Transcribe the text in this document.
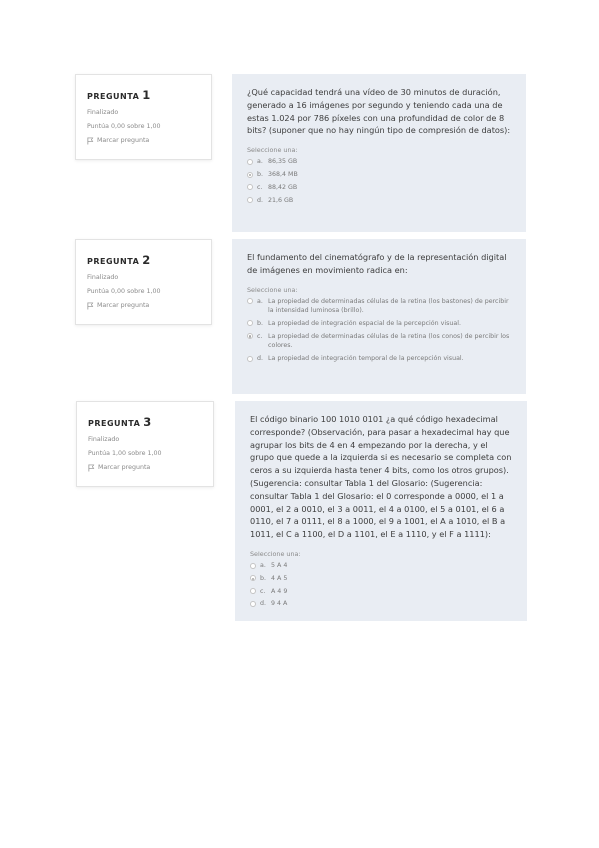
PREGUNTA 1
Finalizado
Puntúa 0,00 sobre 1,00
Marcar pregunta

¿Qué capacidad tendrá una vídeo de 30 minutos de duración, generado a 16 imágenes por segundo y teniendo cada una de estas 1.024 por 786 píxeles con una profundidad de color de 8 bits? (suponer que no hay ningún tipo de compresión de datos):

Seleccione una:
a. 86,35 GB
b. 368,4 MB
c. 88,42 GB
d. 21,6 GB
PREGUNTA 2
Finalizado
Puntúa 0,00 sobre 1,00
Marcar pregunta

El fundamento del cinematógrafo y de la representación digital de imágenes en movimiento radica en:

Seleccione una:
a. La propiedad de determinadas células de la retina (los bastones) de percibir la intensidad luminosa (brillo).
b. La propiedad de integración espacial de la percepción visual.
c. La propiedad de determinadas células de la retina (los conos) de percibir los colores.
d. La propiedad de integración temporal de la percepción visual.
PREGUNTA 3
Finalizado
Puntúa 1,00 sobre 1,00
Marcar pregunta

El código binario 100 1010 0101 ¿a qué código hexadecimal corresponde? (Observación, para pasar a hexadecimal hay que agrupar los bits de 4 en 4 empezando por la derecha, y el grupo que quede a la izquierda si es necesario se completa con ceros a su izquierda hasta tener 4 bits, como los otros grupos). (Sugerencia: consultar Tabla 1 del Glosario: (Sugerencia: consultar Tabla 1 del Glosario: el 0 corresponde a 0000, el 1 a 0001, el 2 a 0010, el 3 a 0011, el 4 a 0100, el 5 a 0101, el 6 a 0110, el 7 a 0111, el 8 a 1000, el 9 a 1001, el A a 1010, el B a 1011, el C a 1100, el D a 1101, el E a 1110, y el F a 1111):

Seleccione una:
a. 5 A 4
b. 4 A 5
c. A 4 9
d. 9 4 A
